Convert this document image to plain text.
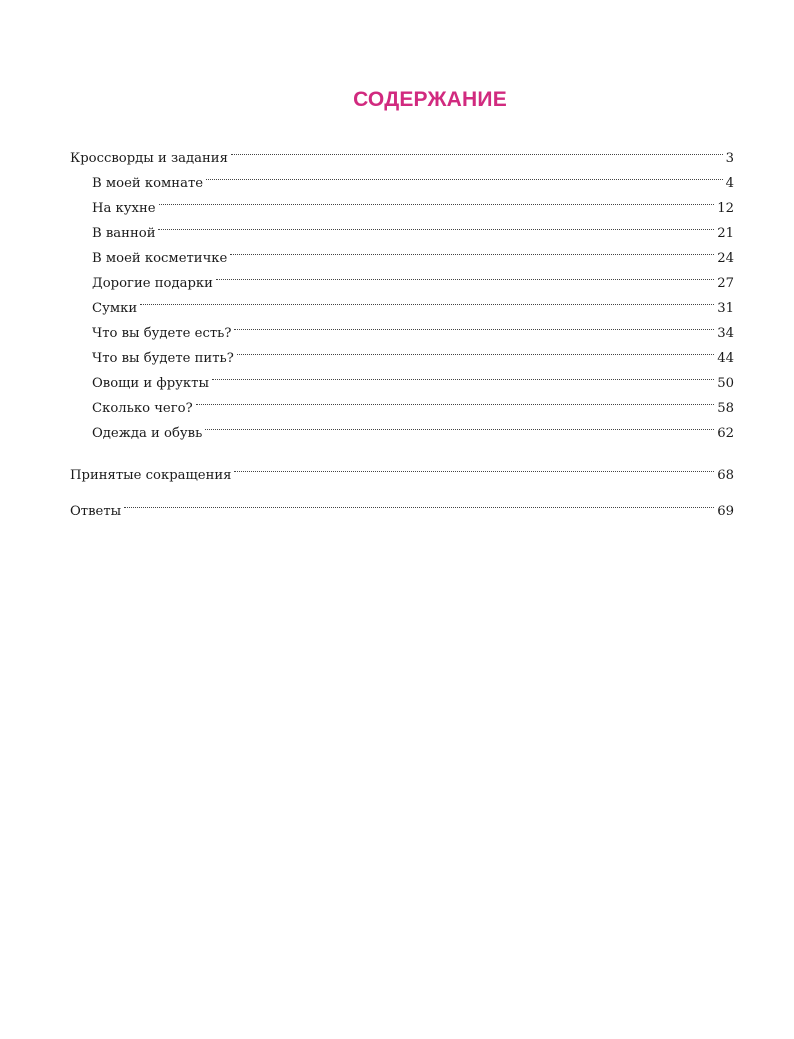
СОДЕРЖАНИЕ
Кроссворды и задания	3
В моей комнате	4
На кухне	12
В ванной	21
В моей косметичке	24
Дорогие подарки	27
Сумки	31
Что вы будете есть?	34
Что вы будете пить?	44
Овощи и фрукты	50
Сколько чего?	58
Одежда и обувь	62
Принятые сокращения	68
Ответы	69
